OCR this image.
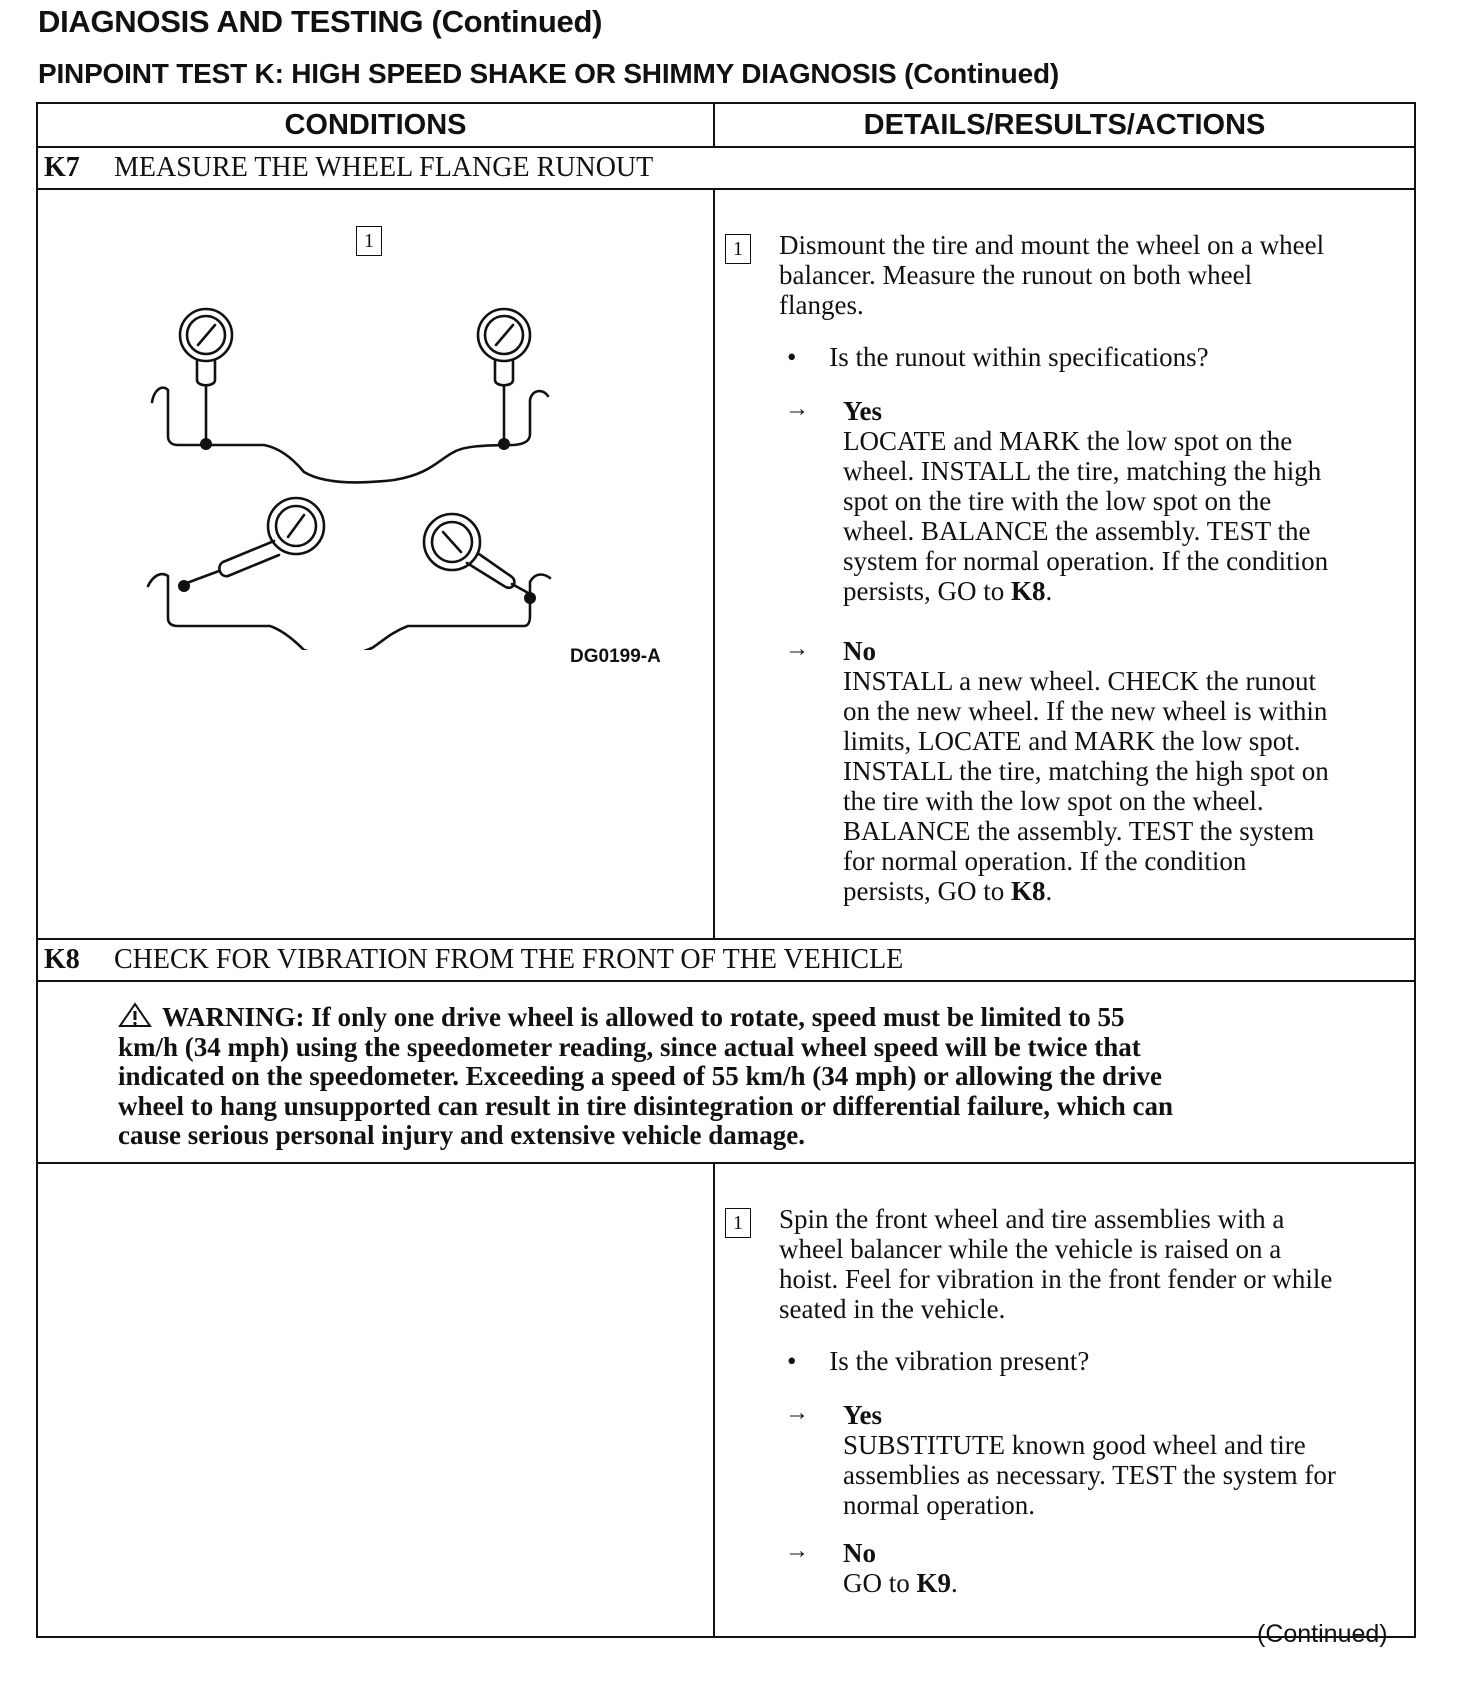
DIAGNOSIS AND TESTING (Continued)
PINPOINT TEST K: HIGH SPEED SHAKE OR SHIMMY DIAGNOSIS (Continued)
CONDITIONS	DETAILS/RESULTS/ACTIONS
K7	MEASURE THE WHEEL FLANGE RUNOUT
1
DG0199-A
1 Dismount the tire and mount the wheel on a wheel
balancer. Measure the runout on both wheel
flanges.
• Is the runout within specifications?
→ Yes
LOCATE and MARK the low spot on the
wheel. INSTALL the tire, matching the high
spot on the tire with the low spot on the
wheel. BALANCE the assembly. TEST the
system for normal operation. If the condition
persists, GO to K8.
→ No
INSTALL a new wheel. CHECK the runout
on the new wheel. If the new wheel is within
limits, LOCATE and MARK the low spot.
INSTALL the tire, matching the high spot on
the tire with the low spot on the wheel.
BALANCE the assembly. TEST the system
for normal operation. If the condition
persists, GO to K8.
K8	CHECK FOR VIBRATION FROM THE FRONT OF THE VEHICLE
WARNING: If only one drive wheel is allowed to rotate, speed must be limited to 55
km/h (34 mph) using the speedometer reading, since actual wheel speed will be twice that
indicated on the speedometer. Exceeding a speed of 55 km/h (34 mph) or allowing the drive
wheel to hang unsupported can result in tire disintegration or differential failure, which can
cause serious personal injury and extensive vehicle damage.
1 Spin the front wheel and tire assemblies with a
wheel balancer while the vehicle is raised on a
hoist. Feel for vibration in the front fender or while
seated in the vehicle.
• Is the vibration present?
→ Yes
SUBSTITUTE known good wheel and tire
assemblies as necessary. TEST the system for
normal operation.
→ No
GO to K9.
(Continued)
